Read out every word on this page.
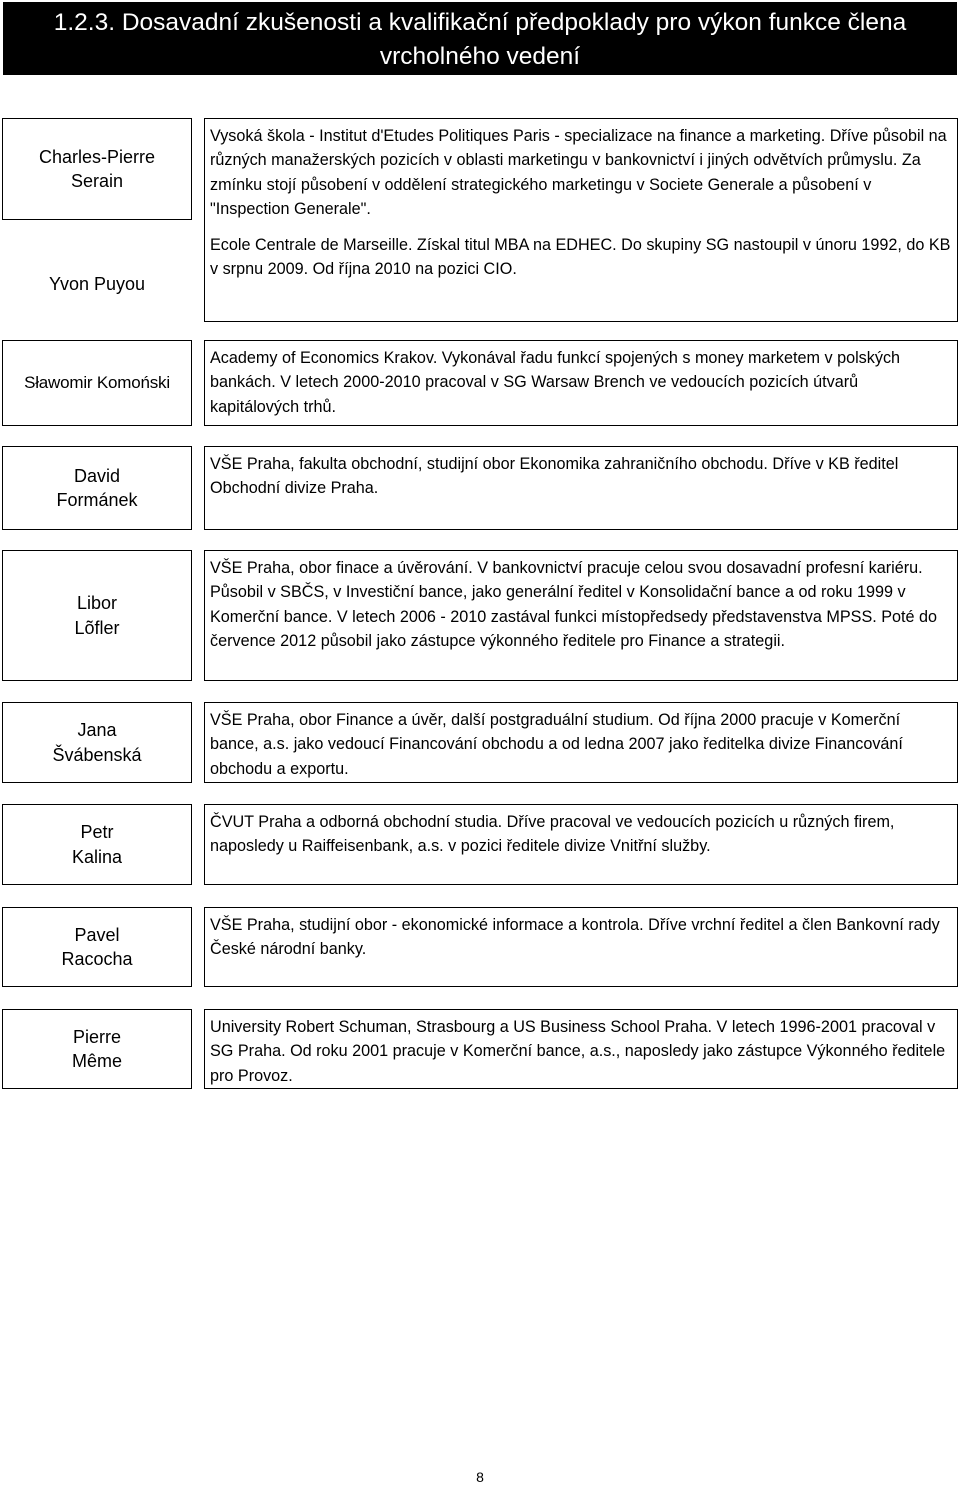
1.2.3. Dosavadní zkušenosti a kvalifikační předpoklady pro výkon funkce člena vrcholného vedení
Charles-Pierre
Serain
Vysoká škola - Institut d'Etudes Politiques Paris - specializace na finance a marketing. Dříve působil na různých manažerských pozicích v oblasti marketingu v bankovnictví i jiných odvětvích průmyslu. Za zmínku stojí působení v oddělení strategického marketingu v Societe Generale a působení v "Inspection Generale".
Ecole Centrale de Marseille. Získal titul MBA na EDHEC. Do skupiny SG nastoupil v únoru 1992, do KB v srpnu 2009. Od října 2010 na pozici CIO.
Yvon Puyou
Sławomir Komoński
Academy of Economics Krakov. Vykonával řadu funkcí spojených s money marketem v polských bankách. V letech 2000-2010 pracoval v SG Warsaw Brench ve vedoucích pozicích útvarů kapitálových trhů.
David
Formánek
VŠE Praha, fakulta obchodní, studijní obor Ekonomika zahraničního obchodu. Dříve v KB ředitel Obchodní divize Praha.
Libor
Lõfler
VŠE Praha, obor finace a úvěrování. V bankovnictví pracuje celou svou dosavadní profesní kariéru. Působil v SBČS, v Investiční bance, jako generální ředitel v Konsolidační bance a od roku 1999 v Komerční bance. V letech 2006 - 2010 zastával funkci místopředsedy představenstva MPSS. Poté do července 2012 působil jako zástupce výkonného ředitele pro Finance a strategii.
Jana
Švábenská
VŠE Praha, obor Finance a úvěr, další postgraduální studium. Od října 2000 pracuje v Komerční bance, a.s. jako vedoucí Financování obchodu a od ledna 2007 jako ředitelka divize Financování obchodu a exportu.
Petr
Kalina
ČVUT Praha a odborná obchodní studia. Dříve pracoval ve vedoucích pozicích u různých firem, naposledy u Raiffeisenbank, a.s. v pozici ředitele divize Vnitřní služby.
Pavel
Racocha
VŠE Praha, studijní obor - ekonomické informace a kontrola. Dříve vrchní ředitel a člen Bankovní rady České národní banky.
Pierre
Même
University Robert Schuman, Strasbourg a US Business School Praha. V letech 1996-2001 pracoval v SG Praha. Od roku 2001 pracuje v Komerční bance, a.s., naposledy jako zástupce Výkonného ředitele pro Provoz.
8
